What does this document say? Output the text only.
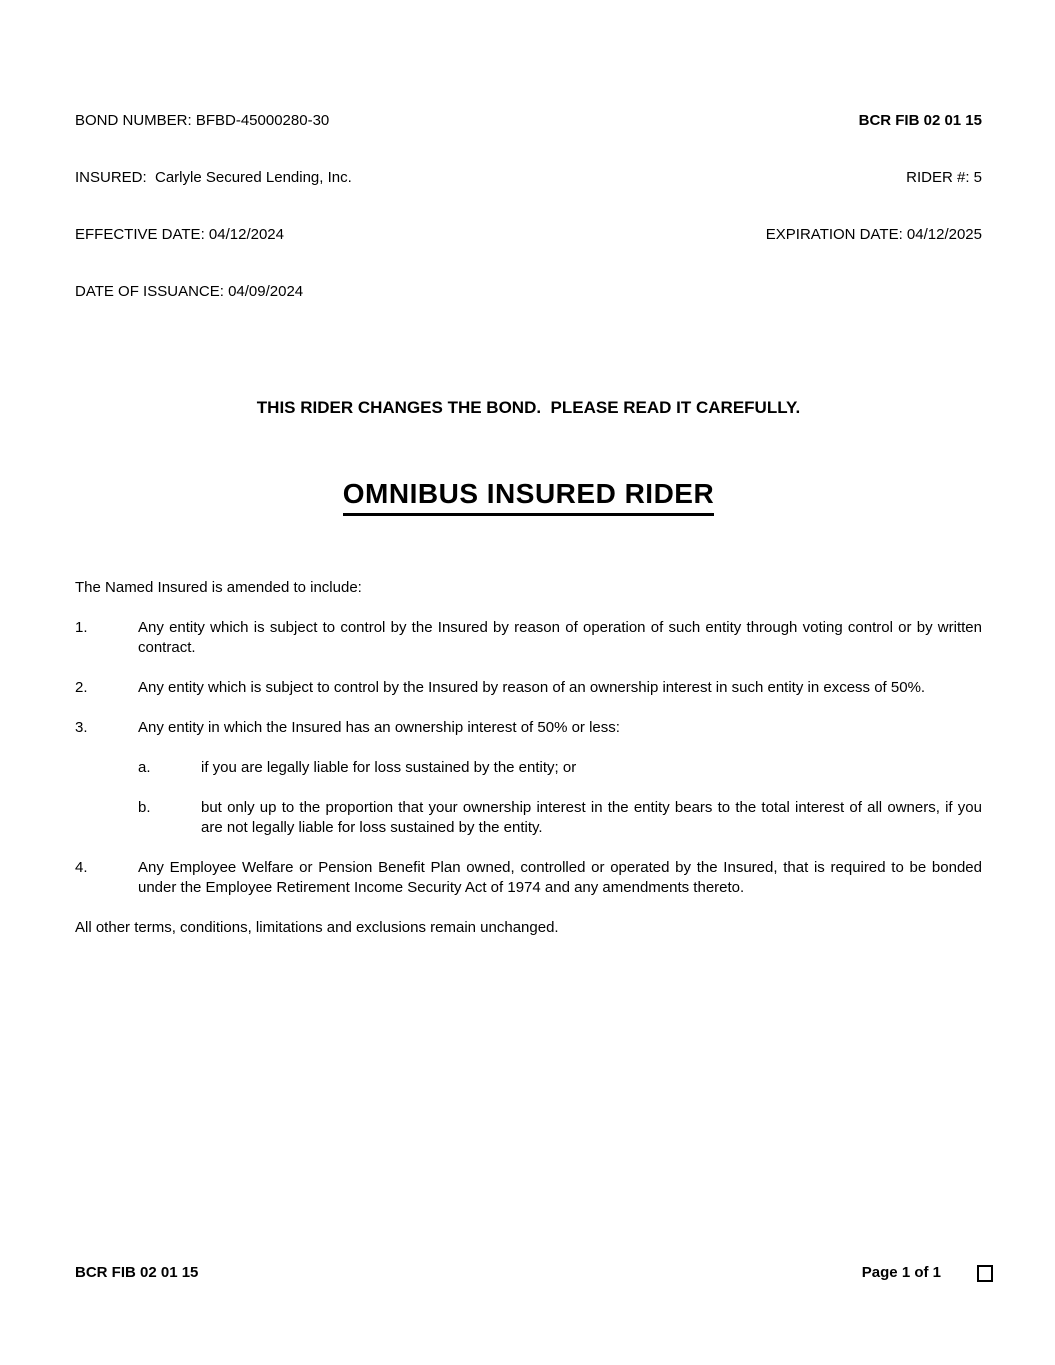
BOND NUMBER: BFBD-45000280-30

INSURED:  Carlyle Secured Lending, Inc.

EFFECTIVE DATE: 04/12/2024

DATE OF ISSUANCE: 04/09/2024

BCR FIB 02 01 15

RIDER #: 5

EXPIRATION DATE: 04/12/2025

THIS RIDER CHANGES THE BOND.  PLEASE READ IT CAREFULLY.
OMNIBUS INSURED RIDER
The Named Insured is amended to include:
1.	Any entity which is subject to control by the Insured by reason of operation of such entity through voting control or by written contract.
2.	Any entity which is subject to control by the Insured by reason of an ownership interest in such entity in excess of 50%.
3.	Any entity in which the Insured has an ownership interest of 50% or less:
a.	if you are legally liable for loss sustained by the entity; or
b.	but only up to the proportion that your ownership interest in the entity bears to the total interest of all owners, if you are not legally liable for loss sustained by the entity.
4.	Any Employee Welfare or Pension Benefit Plan owned, controlled or operated by the Insured, that is required to be bonded under the Employee Retirement Income Security Act of 1974 and any amendments thereto.
All other terms, conditions, limitations and exclusions remain unchanged.
BCR FIB 02 01 15	Page 1 of 1
